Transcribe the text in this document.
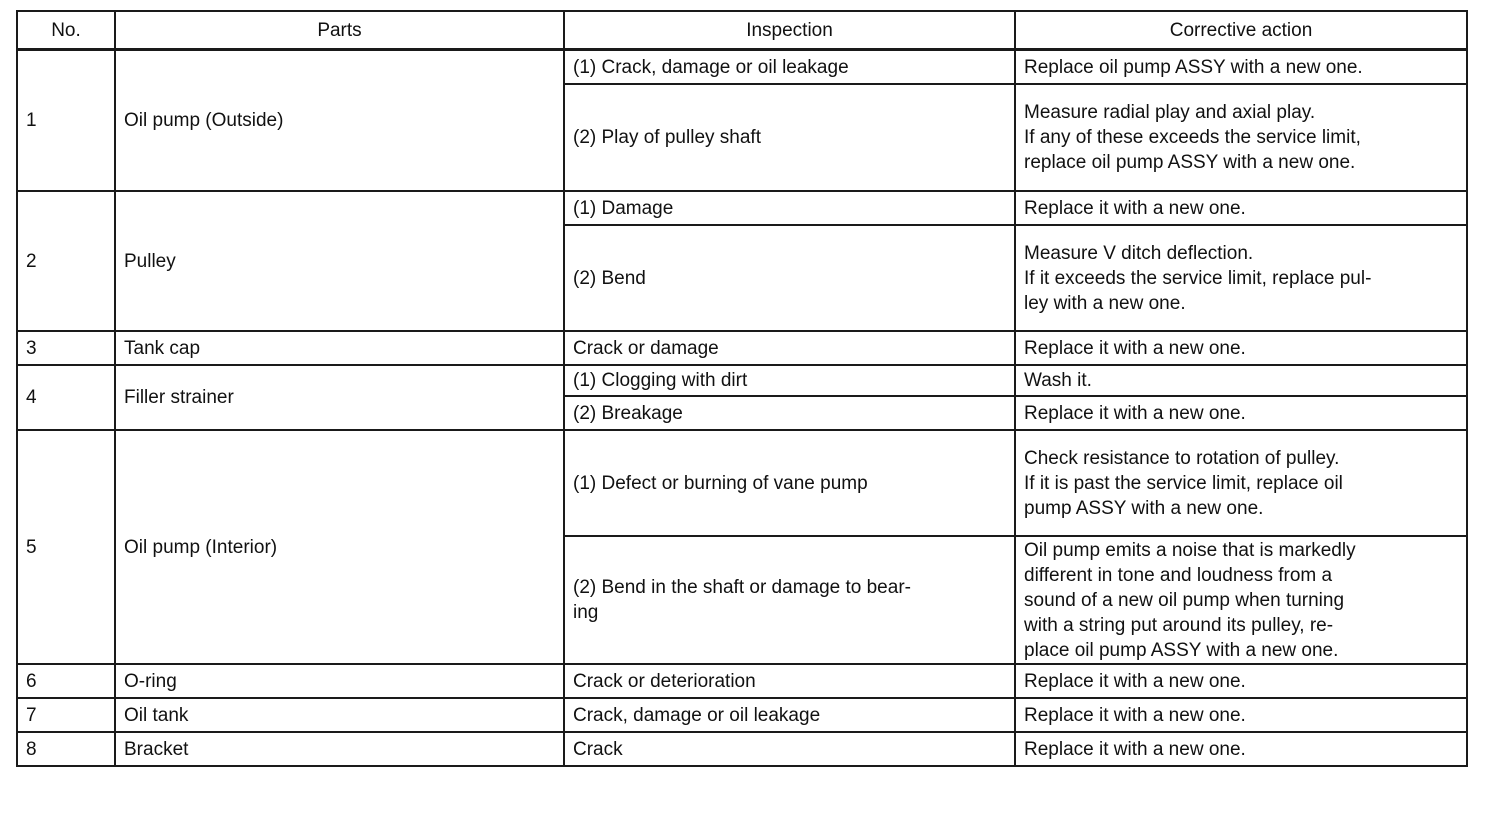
No.	Parts	Inspection	Corrective action
1	Oil pump (Outside)	(1) Crack, damage or oil leakage	Replace oil pump ASSY with a new one.
		(2) Play of pulley shaft	Measure radial play and axial play.
If any of these exceeds the service limit,
replace oil pump ASSY with a new one.
2	Pulley	(1) Damage	Replace it with a new one.
		(2) Bend	Measure V ditch deflection.
If it exceeds the service limit, replace pul-
ley with a new one.
3	Tank cap	Crack or damage	Replace it with a new one.
4	Filler strainer	(1) Clogging with dirt	Wash it.
		(2) Breakage	Replace it with a new one.
5	Oil pump (Interior)	(1) Defect or burning of vane pump	Check resistance to rotation of pulley.
If it is past the service limit, replace oil
pump ASSY with a new one.
		(2) Bend in the shaft or damage to bear-
ing	Oil pump emits a noise that is markedly
different in tone and loudness from a
sound of a new oil pump when turning
with a string put around its pulley, re-
place oil pump ASSY with a new one.
6	O-ring	Crack or deterioration	Replace it with a new one.
7	Oil tank	Crack, damage or oil leakage	Replace it with a new one.
8	Bracket	Crack	Replace it with a new one.
